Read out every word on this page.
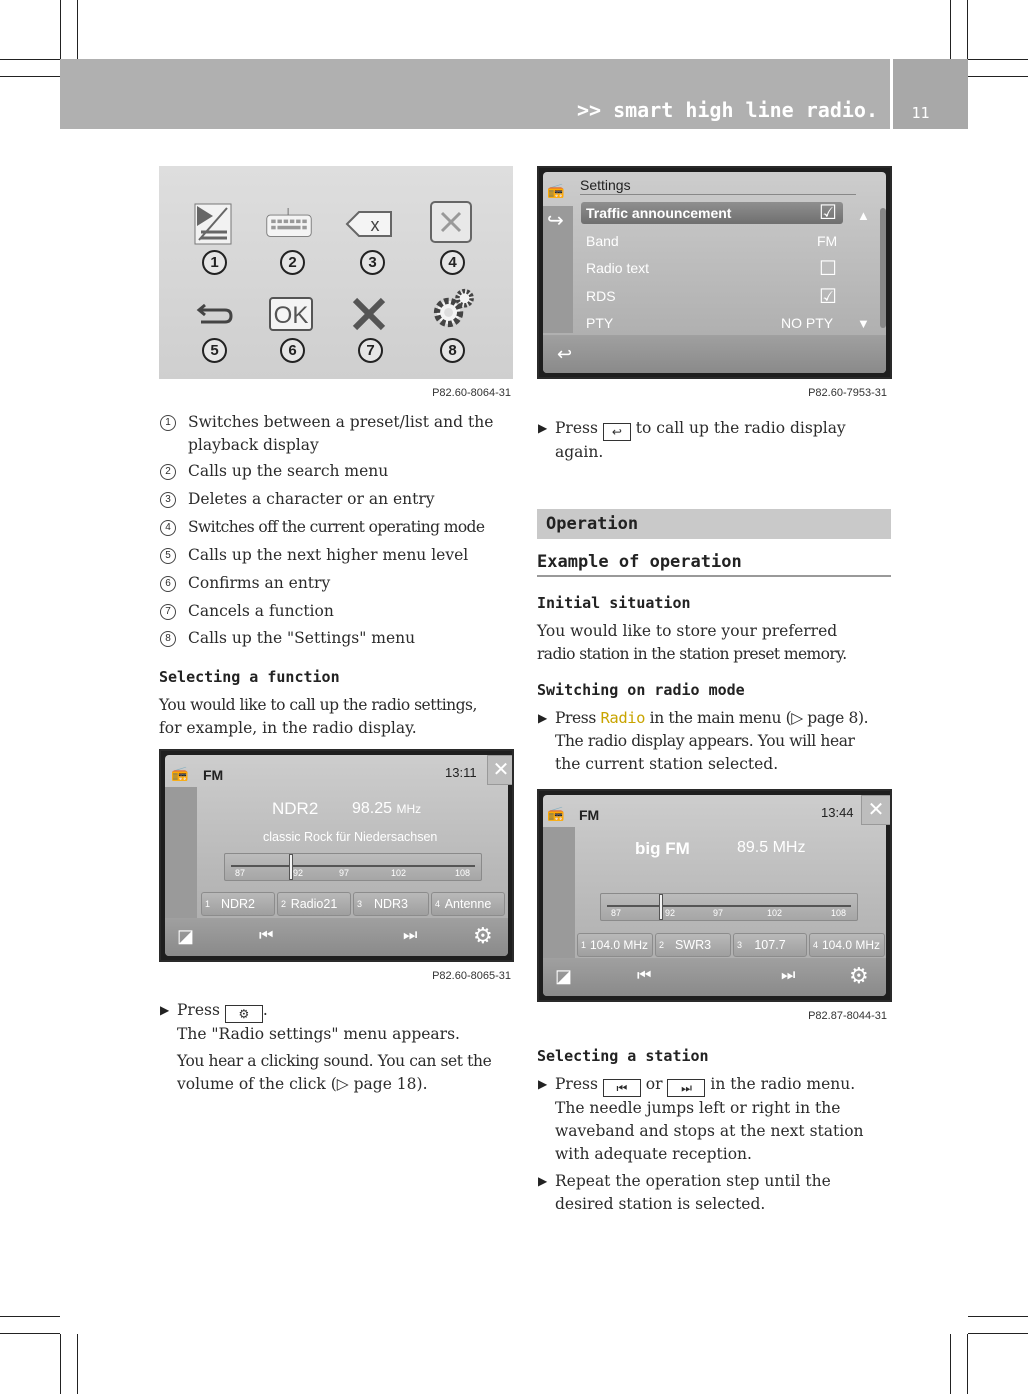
>> smart high line radio.	11
x
OK
1	2	3	4
5	6	7	8
P82.60-8064-31
1	Switches between a preset/list and the
playback display
2	Calls up the search menu
3	Deletes a character or an entry
4	Switches off the current operating mode
5	Calls up the next higher menu level
6	Confirms an entry
7	Cancels a function
8	Calls up the "Settings" menu
Selecting a function
You would like to call up the radio settings,
for example, in the radio display.
📻 FM	13:11 ✕
NDR2 98.25 MHz
classic Rock für Niedersachsen
87	92	97	102	108
1 NDR2	2 Radio21	3 NDR3	4 Antenne
◪	⏮	⏭	⚙
P82.60-8065-31
▶ Press ⚙ .
The "Radio settings" menu appears.
You hear a clicking sound. You can set the
volume of the click (▷ page 18).
📻 Settings
↪ Traffic announcement	☑
Band	FM
Radio text	☐
RDS	☑
PTY	NO PTY
▲
▼
↩
P82.60-7953-31
▶ Press ↩ to call up the radio display
again.
Operation
Example of operation
Initial situation
You would like to store your preferred
radio station in the station preset memory.
Switching on radio mode
▶ Press Radio in the main menu (▷ page 8).
The radio display appears. You will hear
the current station selected.
📻 FM	13:44 ✕
big FM	89.5 MHz
87	92	97	102	108
1 104.0 MHz	2 SWR3	3 107.7	4 104.0 MHz
◪	⏮	⏭ ⚙
P82.87-8044-31
Selecting a station
▶ Press ⏮ or ⏭ in the radio menu.
The needle jumps left or right in the
waveband and stops at the next station
with adequate reception.
▶ Repeat the operation step until the
desired station is selected.
